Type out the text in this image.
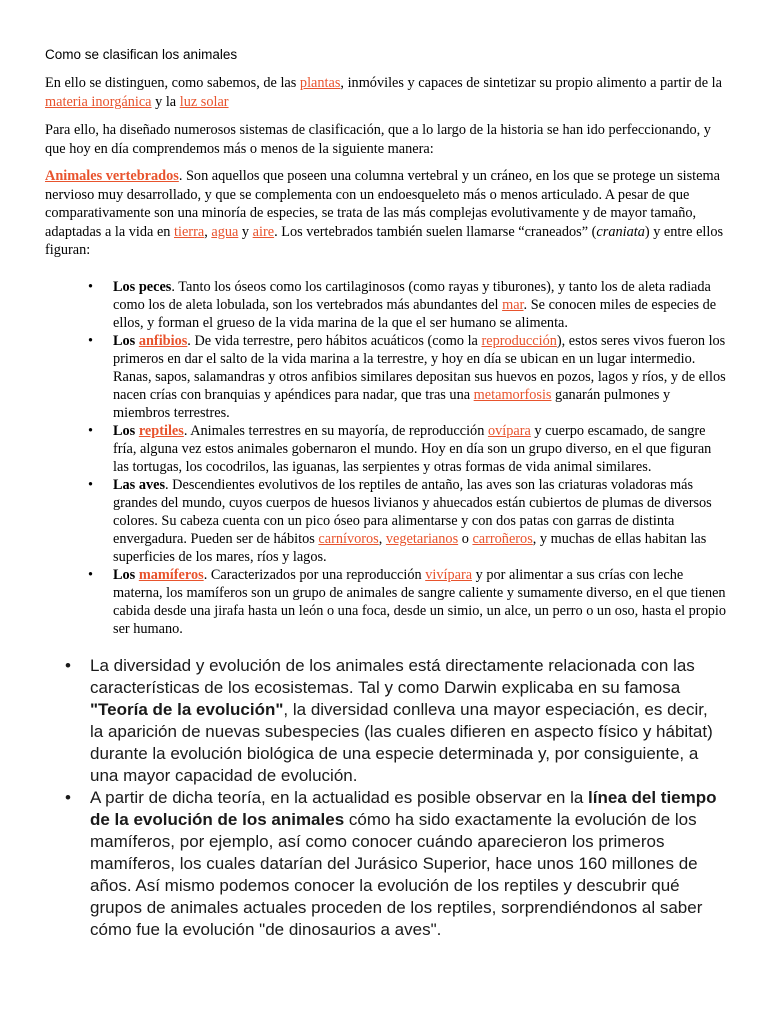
Como se clasifican los animales

En ello se distinguen, como sabemos, de las plantas, inmóviles y capaces de sintetizar su propio alimento a partir de la materia inorgánica y la luz solar

Para ello, ha diseñado numerosos sistemas de clasificación, que a lo largo de la historia se han ido perfeccionando, y que hoy en día comprendemos más o menos de la siguiente manera:

Animales vertebrados. Son aquellos que poseen una columna vertebral y un cráneo, en los que se protege un sistema nervioso muy desarrollado, y que se complementa con un endoesqueleto más o menos articulado. A pesar de que comparativamente son una minoría de especies, se trata de las más complejas evolutivamente y de mayor tamaño, adaptadas a la vida en tierra, agua y aire. Los vertebrados también suelen llamarse “craneados” (craniata) y entre ellos figuran:

• Los peces. Tanto los óseos como los cartilaginosos (como rayas y tiburones), y tanto los de aleta radiada como los de aleta lobulada, son los vertebrados más abundantes del mar. Se conocen miles de especies de ellos, y forman el grueso de la vida marina de la que el ser humano se alimenta.
• Los anfibios. De vida terrestre, pero hábitos acuáticos (como la reproducción), estos seres vivos fueron los primeros en dar el salto de la vida marina a la terrestre, y hoy en día se ubican en un lugar intermedio. Ranas, sapos, salamandras y otros anfibios similares depositan sus huevos en pozos, lagos y ríos, y de ellos nacen crías con branquias y apéndices para nadar, que tras una metamorfosis ganarán pulmones y miembros terrestres.
• Los reptiles. Animales terrestres en su mayoría, de reproducción ovípara y cuerpo escamado, de sangre fría, alguna vez estos animales gobernaron el mundo. Hoy en día son un grupo diverso, en el que figuran las tortugas, los cocodrilos, las iguanas, las serpientes y otras formas de vida animal similares.
• Las aves. Descendientes evolutivos de los reptiles de antaño, las aves son las criaturas voladoras más grandes del mundo, cuyos cuerpos de huesos livianos y ahuecados están cubiertos de plumas de diversos colores. Su cabeza cuenta con un pico óseo para alimentarse y con dos patas con garras de distinta envergadura. Pueden ser de hábitos carnívoros, vegetarianos o carroñeros, y muchas de ellas habitan las superficies de los mares, ríos y lagos.
• Los mamíferos. Caracterizados por una reproducción vivípara y por alimentar a sus crías con leche materna, los mamíferos son un grupo de animales de sangre caliente y sumamente diverso, en el que tienen cabida desde una jirafa hasta un león o una foca, desde un simio, un alce, un perro o un oso, hasta el propio ser humano.
• La diversidad y evolución de los animales está directamente relacionada con las características de los ecosistemas. Tal y como Darwin explicaba en su famosa "Teoría de la evolución", la diversidad conlleva una mayor especiación, es decir, la aparición de nuevas subespecies (las cuales difieren en aspecto físico y hábitat) durante la evolución biológica de una especie determinada y, por consiguiente, a una mayor capacidad de evolución.
• A partir de dicha teoría, en la actualidad es posible observar en la línea del tiempo de la evolución de los animales cómo ha sido exactamente la evolución de los mamíferos, por ejemplo, así como conocer cuándo aparecieron los primeros mamíferos, los cuales datarían del Jurásico Superior, hace unos 160 millones de años. Así mismo podemos conocer la evolución de los reptiles y descubrir qué grupos de animales actuales proceden de los reptiles, sorprendiéndonos al saber cómo fue la evolución "de dinosaurios a aves".
